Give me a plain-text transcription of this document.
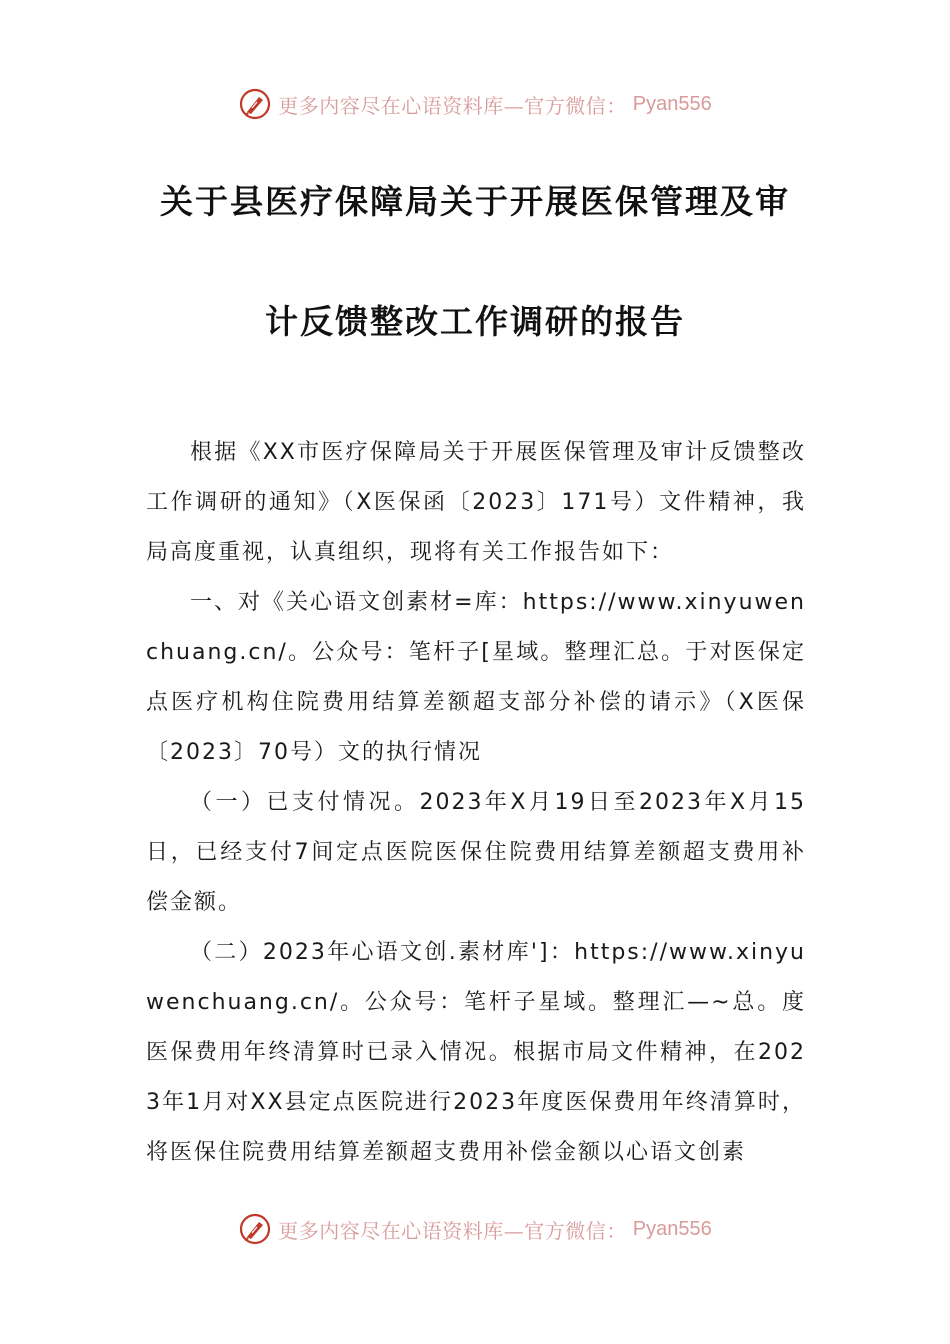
更多内容尽在心语资料库—官方微信： Pyan556
关于县医疗保障局关于开展医保管理及审
计反馈整改工作调研的报告

根据《XX市医疗保障局关于开展医保管理及审计反馈整改工作调研的通知》（X医保函〔2023〕171号）文件精神，我局高度重视，认真组织，现将有关工作报告如下：

一、对《关心语文创素材=库：https://www.xinyuwenchuang.cn/。公众号：笔杆子[星域。整理汇总。于对医保定点医疗机构住院费用结算差额超支部分补偿的请示》（X医保〔2023〕70号）文的执行情况

（一）已支付情况。2023年X月19日至2023年X月15日，已经支付7间定点医院医保住院费用结算差额超支费用补偿金额。

（二）2023年心语文创.素材库']：https://www.xinyuwenchuang.cn/。公众号：笔杆子星域。整理汇—~总。度医保费用年终清算时已录入情况。根据市局文件精神，在2023年1月对XX县定点医院进行2023年度医保费用年终清算时，将医保住院费用结算差额超支费用补偿金额以心语文创素

更多内容尽在心语资料库—官方微信： Pyan556
